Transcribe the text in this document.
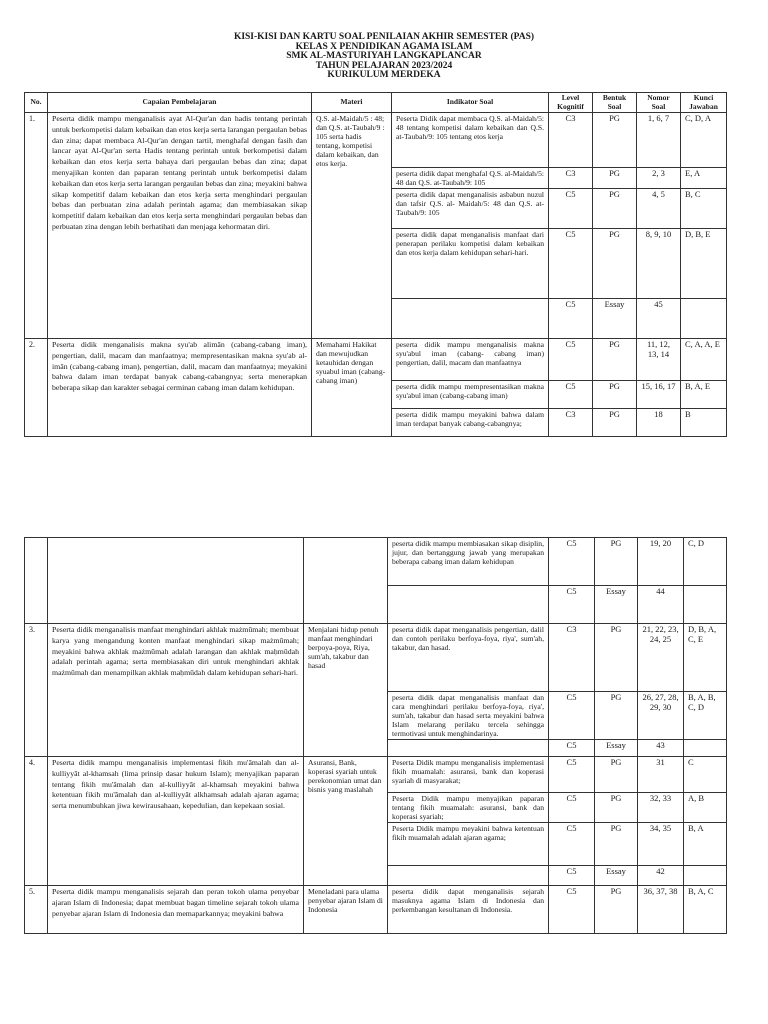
KISI-KISI DAN KARTU SOAL PENILAIAN AKHIR SEMESTER (PAS)
KELAS X PENDIDIKAN AGAMA ISLAM
SMK AL-MASTURIYAH LANGKAPLANCAR
TAHUN PELAJARAN 2023/2024
KURIKULUM MERDEKA
No.	Capaian Pembelajaran	Materi	Indikator Soal	Level Kognitif	Bentuk Soal	Nomor Soal	Kunci Jawaban
1.	Peserta didik mampu menganalisis ayat Al-Qur'an dan hadis tentang perintah untuk berkompetisi dalam kebaikan dan etos kerja serta larangan pergaulan bebas dan zina; dapat membaca Al-Qur'an dengan tartil, menghafal dengan fasih dan lancar ayat Al-Qur'an serta Hadis tentang perintah untuk berkompetisi dalam kebaikan dan etos kerja serta bahaya dari pergaulan bebas dan zina; dapat menyajikan konten dan paparan tentang perintah untuk berkompetisi dalam kebaikan dan etos kerja serta larangan pergaulan bebas dan zina; meyakini bahwa sikap kompetitif dalam kebaikan dan etos kerja serta menghindari pergaulan bebas dan perbuatan zina adalah perintah agama; dan membiasakan sikap kompetitif dalam kebaikan dan etos kerja serta menghindari pergaulan bebas dan perbuatan zina dengan lebih berhatihati dan menjaga kehormatan diri.	Q.S. al-Maidah/5 : 48; dan Q.S. at-Taubah/9 : 105 serta hadis tentang, kompetisi dalam kebaikan, dan etos kerja.	Peserta Didik dapat membaca Q.S. al-Maidah/5: 48 tentang kompetisi dalam kebaikan dan Q.S. at-Taubah/9: 105 tentang etos kerja	C3	PG	1, 6, 7	C, D, A
			peserta didik dapat menghafal Q.S. al-Maidah/5: 48 dan Q.S. at-Taubah/9: 105	C3	PG	2, 3	E, A
			peserta didik dapat menganalisis asbabun nuzul dan tafsir Q.S. al- Maidah/5: 48 dan Q.S. at-Taubah/9: 105	C5	PG	4, 5	B, C
			peserta didik dapat menganalisis manfaat dari penerapan perilaku kompetisi dalam kebaikan dan etos kerja dalam kehidupan sehari-hari.	C5	PG	8, 9, 10	D, B, E
				C5	Essay	45	
2.	Peserta didik menganalisis makna syu'ab alimān (cabang-cabang iman), pengertian, dalil, macam dan manfaatnya; mempresentasikan makna syu'ab al-imān (cabang-cabang iman), pengertian, dalil, macam dan manfaatnya; meyakini bahwa dalam iman terdapat banyak cabang-cabangnya; serta menerapkan beberapa sikap dan karakter sebagai cerminan cabang iman dalam kehidupan.	Memahami Hakikat dan mewujudkan ketauhidan dengan syuabul iman (cabang-cabang iman)	peserta didik mampu menganalisis makna syu'abul iman (cabang- cabang iman) pengertian, dalil, macam dan manfaatnya	C5	PG	11, 12, 13, 14	C, A, A, E
			peserta didik mampu mempresentasikan makna syu'abul iman (cabang-cabang iman)	C5	PG	15, 16, 17	B, A, E
			peserta didik mampu meyakini bahwa dalam iman terdapat banyak cabang-cabangnya;	C3	PG	18	B
			peserta didik mampu membiasakan sikap disiplin, jujur, dan bertanggung jawab yang merupakan beberapa cabang iman dalam kehidupan	C5	PG	19, 20	C, D
				C5	Essay	44	
3.	Peserta didik menganalisis manfaat menghindari akhlak mażmūmah; membuat karya yang mengandung konten manfaat menghindari sikap mażmūmah; meyakini bahwa akhlak mażmūmah adalah larangan dan akhlak maḥmūdah adalah perintah agama; serta membiasakan diri untuk menghindari akhlak mażmūmah dan menampilkan akhlak maḥmūdah dalam kehidupan sehari-hari.	Menjalani hidup penuh manfaat menghindari berpoya-poya, Riya, sum'ah, takabur dan hasad	peserta didik dapat menganalisis pengertian, dalil dan contoh perilaku berfoya-foya, riya', sum'ah, takabur, dan hasad.	C3	PG	21, 22, 23, 24, 25	D, B, A, C, E
			peserta didik dapat menganalisis manfaat dan cara menghindari perilaku berfoya-foya, riya', sum'ah, takabur dan hasad serta meyakini bahwa Islam melarang perilaku tercela sehingga termotivasi untuk menghindarinya.	C5	PG	26, 27, 28, 29, 30	B, A, B, C, D
				C5	Essay	43	
4.	Peserta didik mampu menganalisis implementasi fikih mu'āmalah dan al-kulliyyāt al-khamsah (lima prinsip dasar hukum Islam); menyajikan paparan tentang fikih mu'āmalah dan al-kulliyyāt al-khamsah meyakini bahwa ketentuan fikih mu'āmalah dan al-kulliyyāt alkhamsah adalah ajaran agama; serta menumbuhkan jiwa kewirausahaan, kepedulian, dan kepekaan sosial.	Asuransi, Bank, koperasi syariah untuk perekonomian umat dan bisnis yang maslahah	Peserta Didik mampu menganalisis implementasi fikih muamalah: asuransi, bank dan koperasi syariah di masyarakat;	C5	PG	31	C
			Peserta Didik mampu menyajikan paparan tentang fikih muamalah: asuransi, bank dan koperasi syariah;	C5	PG	32, 33	A, B
			Peserta Didik mampu meyakini bahwa ketentuan fikih muamalah adalah ajaran agama;	C5	PG	34, 35	B, A
				C5	Essay	42	
5.	Peserta didik mampu menganalisis sejarah dan peran tokoh ulama penyebar ajaran Islam di Indonesia; dapat membuat bagan timeline sejarah tokoh ulama penyebar ajaran Islam di Indonesia dan memaparkannya; meyakini bahwa	Meneladani para ulama penyebar ajaran Islam di Indonesia	peserta didik dapat menganalisis sejarah masuknya agama Islam di Indonesia dan perkembangan kesultanan di Indonesia.	C5	PG	36, 37, 38	B, A, C
